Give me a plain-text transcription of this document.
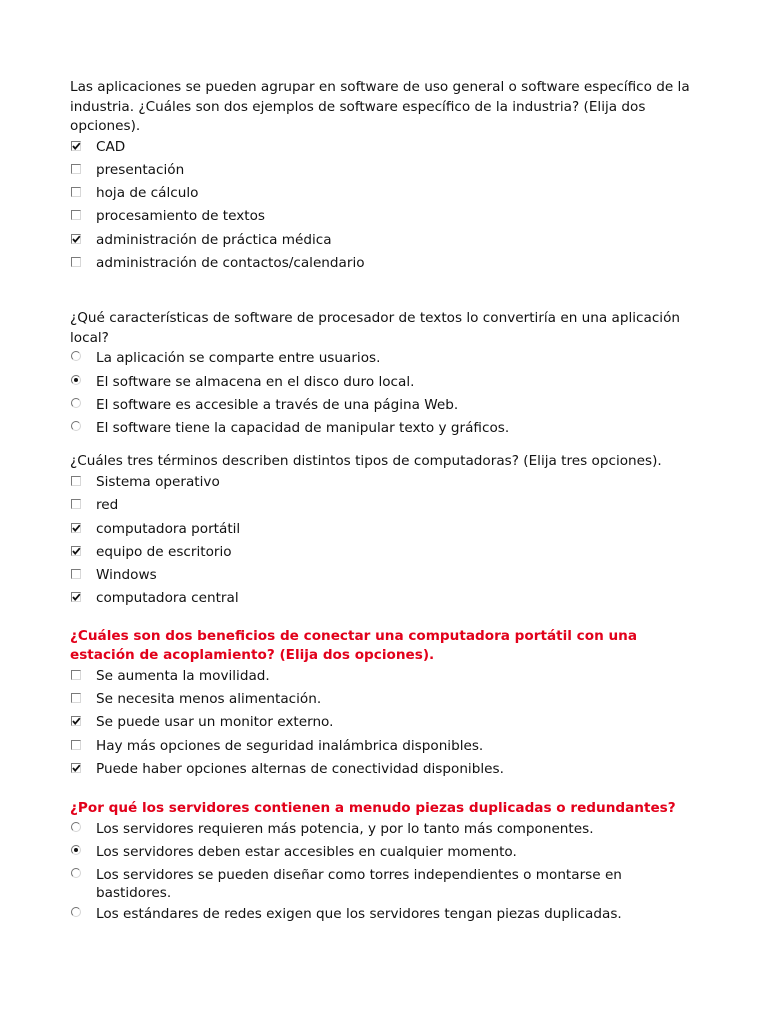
Las aplicaciones se pueden agrupar en software de uso general o software específico de la industria. ¿Cuáles son dos ejemplos de software específico de la industria? (Elija dos opciones).

CAD
presentación
hoja de cálculo
procesamiento de textos
administración de práctica médica
administración de contactos/calendario

¿Qué características de software de procesador de textos lo convertiría en una aplicación local?

La aplicación se comparte entre usuarios.
El software se almacena en el disco duro local.
El software es accesible a través de una página Web.
El software tiene la capacidad de manipular texto y gráficos.

¿Cuáles tres términos describen distintos tipos de computadoras? (Elija tres opciones).

Sistema operativo
red
computadora portátil
equipo de escritorio
Windows
computadora central

¿Cuáles son dos beneficios de conectar una computadora portátil con una estación de acoplamiento? (Elija dos opciones).

Se aumenta la movilidad.
Se necesita menos alimentación.
Se puede usar un monitor externo.
Hay más opciones de seguridad inalámbrica disponibles.
Puede haber opciones alternas de conectividad disponibles.

¿Por qué los servidores contienen a menudo piezas duplicadas o redundantes?

Los servidores requieren más potencia, y por lo tanto más componentes.
Los servidores deben estar accesibles en cualquier momento.
Los servidores se pueden diseñar como torres independientes o montarse en bastidores.
Los estándares de redes exigen que los servidores tengan piezas duplicadas.
